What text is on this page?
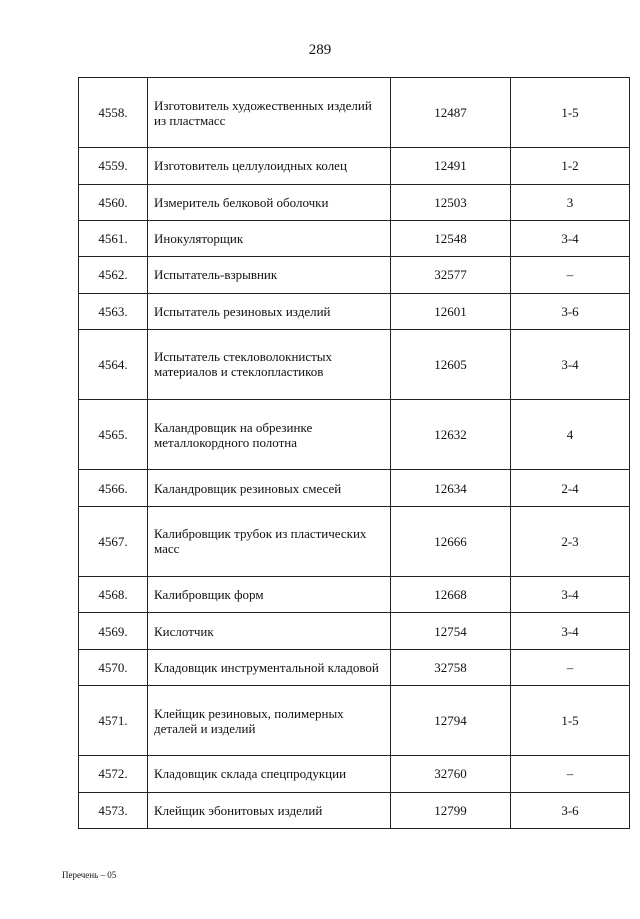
289
4558.	Изготовитель художественных изделий из пластмасс	12487	1-5
4559.	Изготовитель целлулоидных колец	12491	1-2
4560.	Измеритель белковой оболочки	12503	3
4561.	Инокуляторщик	12548	3-4
4562.	Испытатель-взрывник	32577	–
4563.	Испытатель резиновых изделий	12601	3-6
4564.	Испытатель стекловолокнистых материалов и стеклопластиков	12605	3-4
4565.	Каландровщик на обрезинке металлокордного полотна	12632	4
4566.	Каландровщик резиновых смесей	12634	2-4
4567.	Калибровщик трубок из пластических масс	12666	2-3
4568.	Калибровщик форм	12668	3-4
4569.	Кислотчик	12754	3-4
4570.	Кладовщик инструментальной кладовой	32758	–
4571.	Клейщик резиновых, полимерных деталей и изделий	12794	1-5
4572.	Кладовщик склада спецпродукции	32760	–
4573.	Клейщик эбонитовых изделий	12799	3-6
Перечень – 05
